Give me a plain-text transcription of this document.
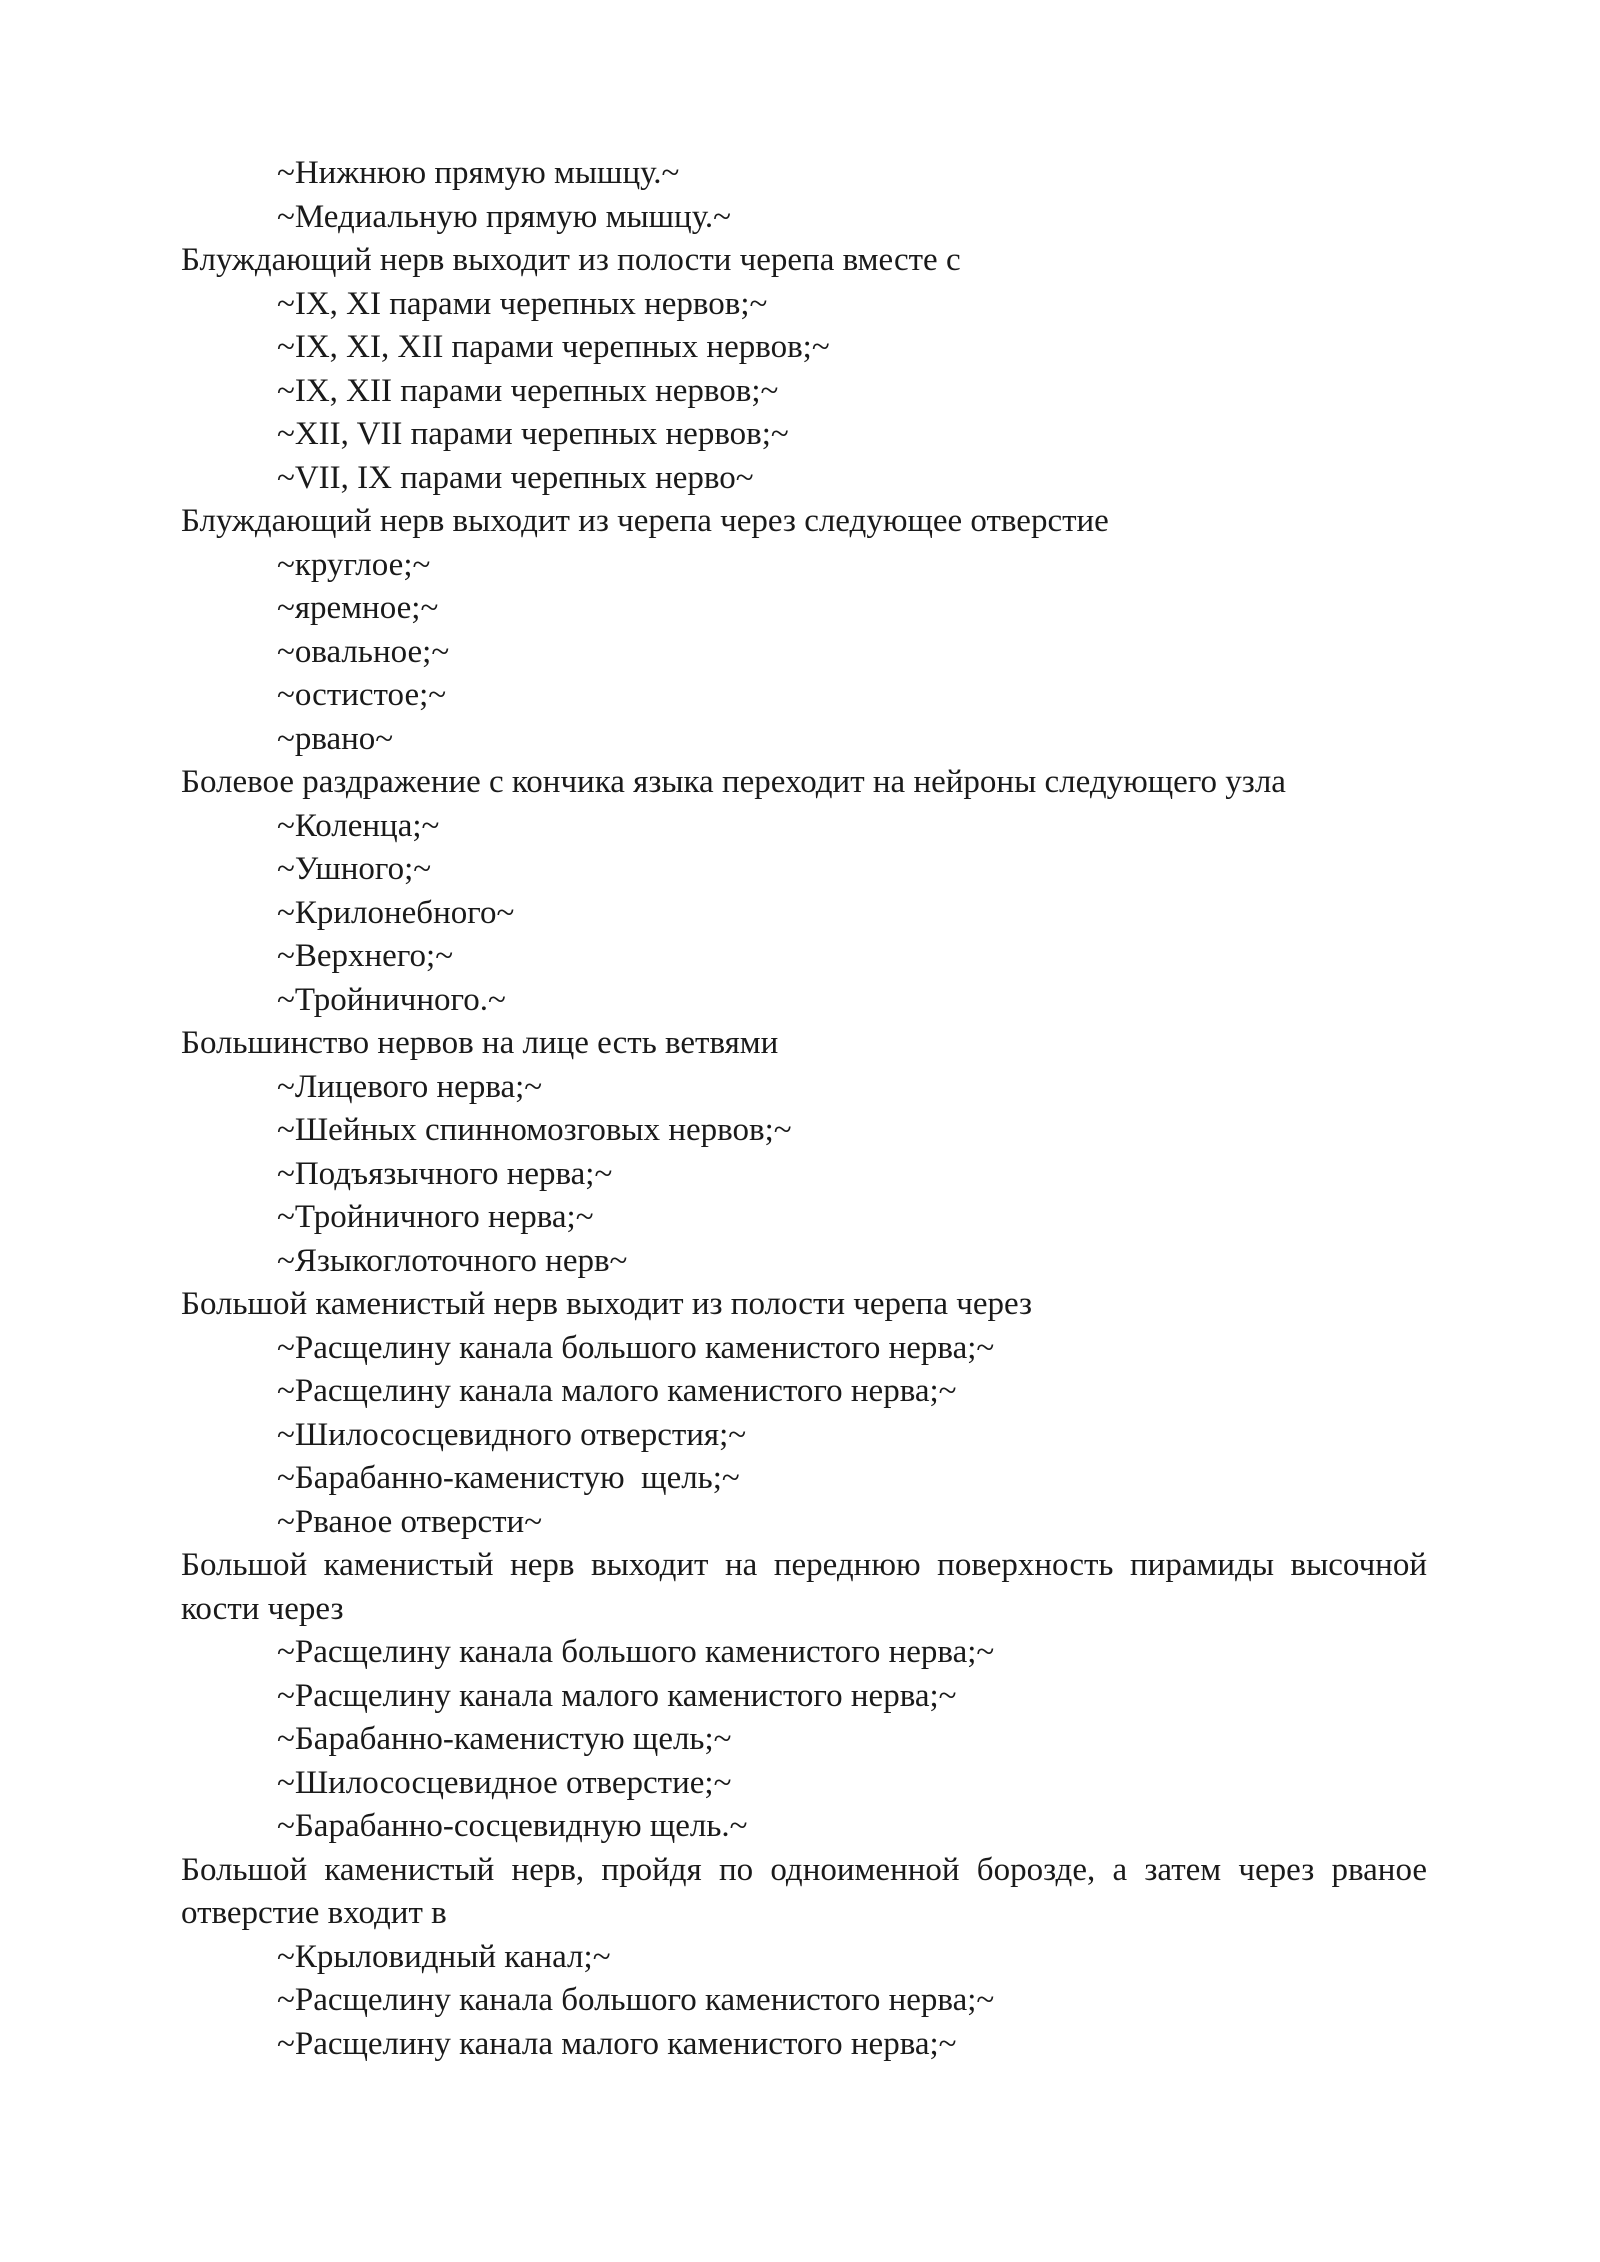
~Нижнюю прямую мышцу.~
~Медиальную прямую мышцу.~

Блуждающий нерв выходит из полости черепа вместе с

~IX, XI парами черепных нервов;~
~IX, XI, XII парами черепных нервов;~
~IX, XII парами черепных нервов;~
~XII, VII парами черепных нервов;~
~VII, IX парами черепных нерво~

Блуждающий нерв выходит из черепа через следующее отверстие

~круглое;~
~яремное;~
~овальное;~
~остистое;~
~рвано~

Болевое раздражение с кончика языка переходит на нейроны следующего узла

~Коленца;~
~Ушного;~
~Крилонебного~
~Верхнего;~
~Тройничного.~

Большинство нервов на лице есть ветвями

~Лицевого нерва;~
~Шейных спинномозговых нервов;~
~Подъязычного нерва;~
~Тройничного нерва;~
~Языкоглоточного нерв~

Большой каменистый нерв выходит из полости черепа через

~Расщелину канала большого каменистого нерва;~
~Расщелину канала малого каменистого нерва;~
~Шилососцевидного отверстия;~
~Барабанно-каменистую  щель;~
~Рваное отверсти~

Большой каменистый нерв выходит на переднюю поверхность пирамиды высочной кости через

~Расщелину канала большого каменистого нерва;~
~Расщелину канала малого каменистого нерва;~
~Барабанно-каменистую щель;~
~Шилососцевидное отверстие;~
~Барабанно-сосцевидную щель.~

Большой каменистый нерв, пройдя по одноименной борозде, а затем через рваное отверстие входит в

~Крыловидный канал;~
~Расщелину канала большого каменистого нерва;~
~Расщелину канала малого каменистого нерва;~
